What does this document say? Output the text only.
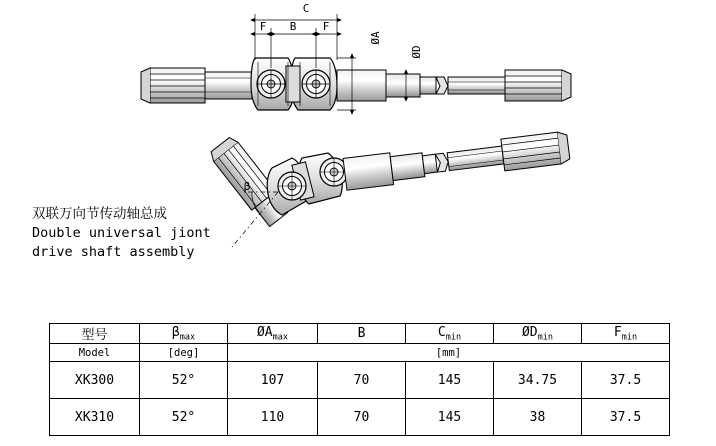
C
F B F
ØA
ØD
β
双联万向节传动轴总成
Double universal jiont
drive shaft assembly
型号	$\beta_{max}$	$ØA_{max}$	B	$C_{min}$	$ØD_{min}$	$F_{min}$
Model	[deg]	[mm]				
XK300	52°	107	70	145	34.75	37.5
XK310	52°	110	70	145	38	37.5
